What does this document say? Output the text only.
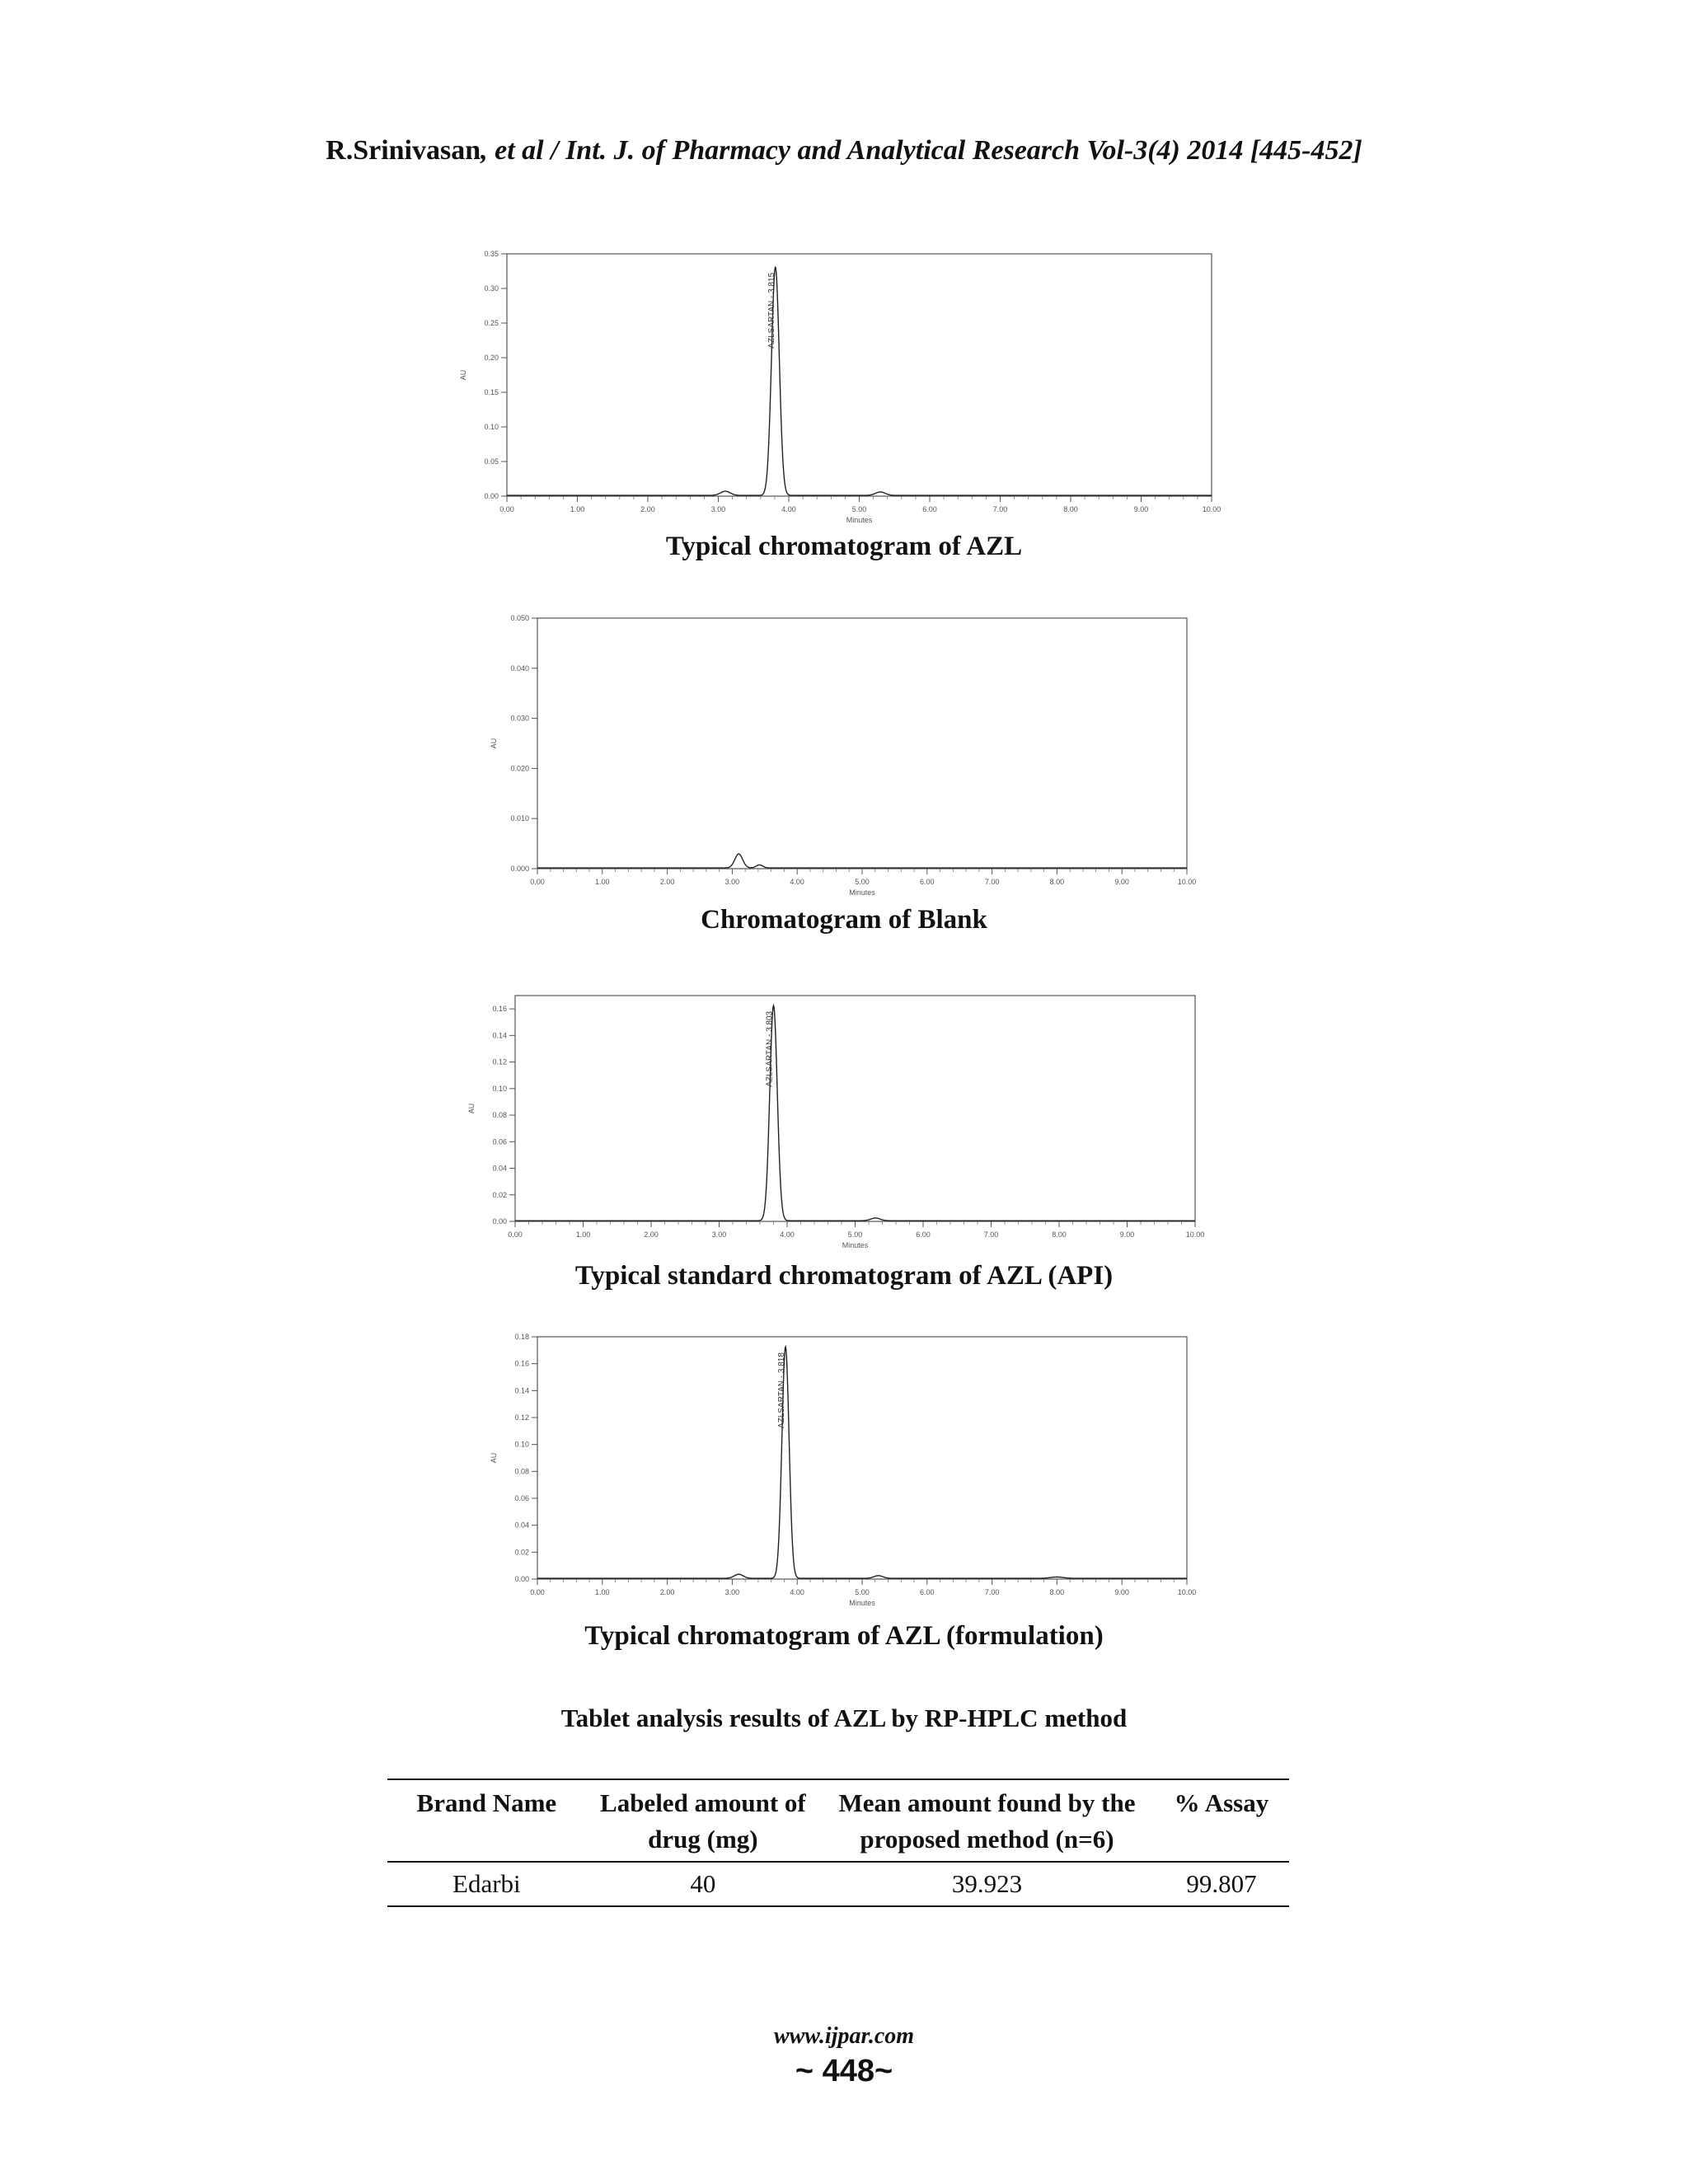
R.Srinivasan, et al / Int. J. of Pharmacy and Analytical Research Vol-3(4) 2014 [445-452]
0.00	1.00	2.00	3.00	4.00	5.00	6.00	7.00	8.00	9.00	10.00
0.00
0.05
0.10
0.15
0.20
0.25
0.30
0.35
Minutes
AU
AZLSARTAN - 3.815
Typical chromatogram of AZL
0.00	1.00	2.00	3.00	4.00	5.00	6.00	7.00	8.00	9.00	10.00
0.000
0.010
0.020
0.030
0.040
0.050
Minutes
AU
Chromatogram of Blank
0.00	1.00	2.00	3.00	4.00	5.00	6.00	7.00	8.00	9.00	10.00
0.00
0.02
0.04
0.06
0.08
0.10
0.12
0.14
0.16
Minutes
AU
AZLSARTAN - 3.803
Typical standard chromatogram of AZL (API)
0.00	1.00	2.00	3.00	4.00	5.00	6.00	7.00	8.00	9.00	10.00
0.00
0.02
0.04
0.06
0.08
0.10
0.12
0.14
0.16
0.18
Minutes
AU
AZLSARTAN - 3.818
Typical chromatogram of AZL (formulation)
Tablet analysis results of AZL by RP-HPLC method
Brand Name	Labeled amount of drug (mg)	Mean amount found by the proposed method (n=6)	% Assay
Edarbi	40	39.923	99.807
www.ijpar.com
~ 448~
